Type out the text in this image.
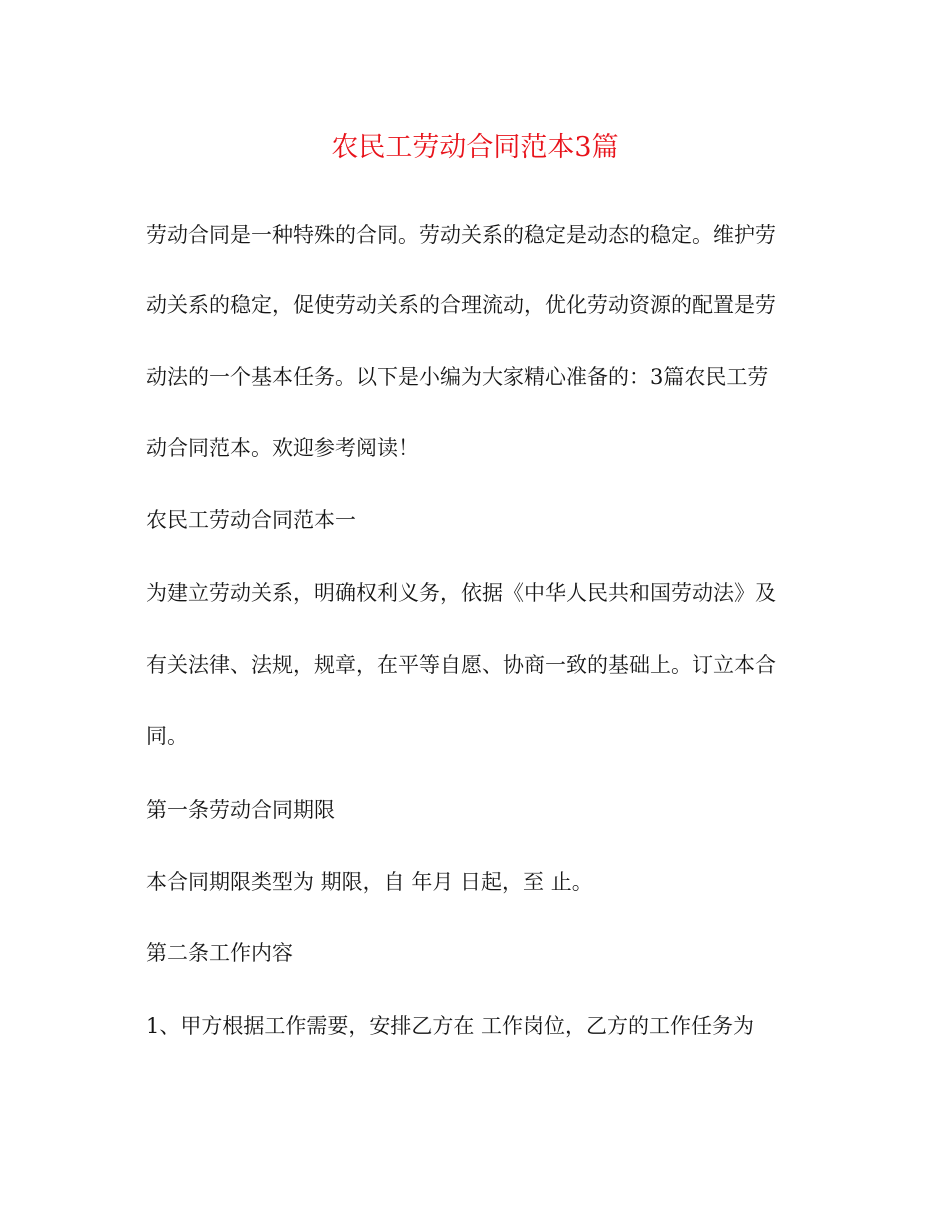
农民工劳动合同范本3篇
劳动合同是一种特殊的合同。劳动关系的稳定是动态的稳定。维护劳
动关系的稳定，促使劳动关系的合理流动，优化劳动资源的配置是劳
动法的一个基本任务。以下是小编为大家精心准备的：3篇农民工劳
动合同范本。欢迎参考阅读！
农民工劳动合同范本一
为建立劳动关系，明确权利义务，依据《中华人民共和国劳动法》及
有关法律、法规，规章，在平等自愿、协商一致的基础上。订立本合
同。
第一条劳动合同期限
本合同期限类型为 期限，自 年月 日起，至 止。
第二条工作内容
1、甲方根据工作需要，安排乙方在 工作岗位，乙方的工作任务为
